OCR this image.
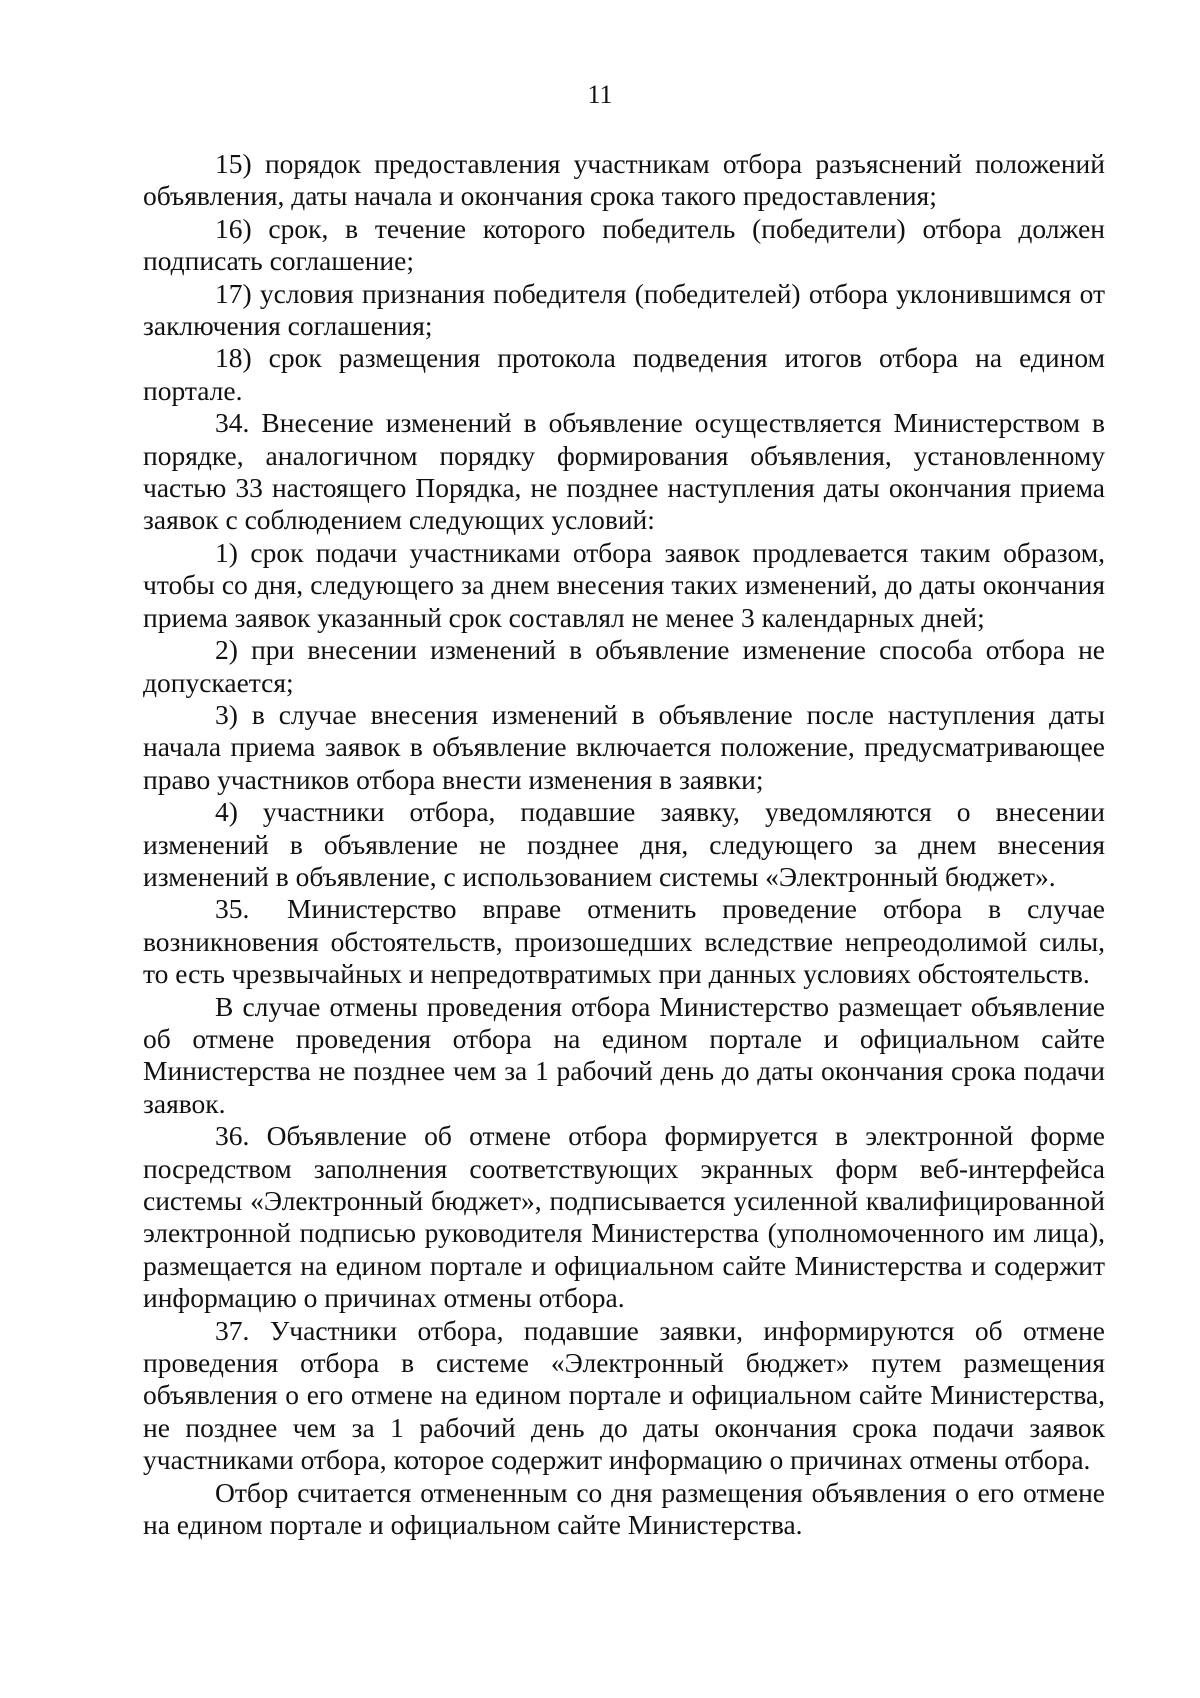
11

15) порядок предоставления участникам отбора разъяснений положений объявления, даты начала и окончания срока такого предоставления;

16) срок, в течение которого победитель (победители) отбора должен подписать соглашение;

17) условия признания победителя (победителей) отбора уклонившимся от заключения соглашения;

18) срок размещения протокола подведения итогов отбора на едином портале.

34. Внесение изменений в объявление осуществляется Министерством в порядке, аналогичном порядку формирования объявления, установленному частью 33 настоящего Порядка, не позднее наступления даты окончания приема заявок с соблюдением следующих условий:

1) срок подачи участниками отбора заявок продлевается таким образом, чтобы со дня, следующего за днем внесения таких изменений, до даты окончания приема заявок указанный срок составлял не менее 3 календарных дней;

2) при внесении изменений в объявление изменение способа отбора не допускается;

3) в случае внесения изменений в объявление после наступления даты начала приема заявок в объявление включается положение, предусматривающее право участников отбора внести изменения в заявки;

4) участники отбора, подавшие заявку, уведомляются о внесении изменений в объявление не позднее дня, следующего за днем внесения изменений в объявление, с использованием системы «Электронный бюджет».

35. Министерство вправе отменить проведение отбора в случае возникновения обстоятельств, произошедших вследствие непреодолимой силы, то есть чрезвычайных и непредотвратимых при данных условиях обстоятельств.

В случае отмены проведения отбора Министерство размещает объявление об отмене проведения отбора на едином портале и официальном сайте Министерства не позднее чем за 1 рабочий день до даты окончания срока подачи заявок.

36. Объявление об отмене отбора формируется в электронной форме посредством заполнения соответствующих экранных форм веб-интерфейса системы «Электронный бюджет», подписывается усиленной квалифицированной электронной подписью руководителя Министерства (уполномоченного им лица), размещается на едином портале и официальном сайте Министерства и содержит информацию о причинах отмены отбора.

37. Участники отбора, подавшие заявки, информируются об отмене проведения отбора в системе «Электронный бюджет» путем размещения объявления о его отмене на едином портале и официальном сайте Министерства, не позднее чем за 1 рабочий день до даты окончания срока подачи заявок участниками отбора, которое содержит информацию о причинах отмены отбора.

Отбор считается отмененным со дня размещения объявления о его отмене на едином портале и официальном сайте Министерства.
